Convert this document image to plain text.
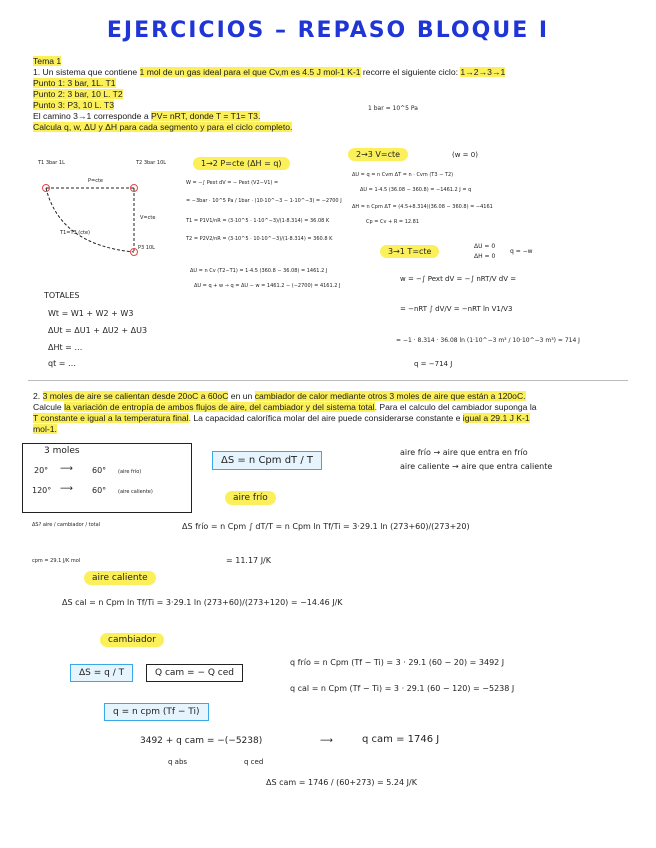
EJERCICIOS – REPASO BLOQUE I
Tema 1
1. Un sistema que contiene 1 mol de un gas ideal para el que Cv,m es 4.5 J mol-1 K-1 recorre el siguiente ciclo: 1→2→3→1
Punto 1: 3 bar, 1L. T1
Punto 2: 3 bar, 10 L. T2
Punto 3: P3, 10 L. T3
El camino 3→1 corresponde a PV= nRT, donde T = T1= T3.
Calcula q, w, ΔU y ΔH para cada segmento y para el ciclo completo.
1 bar = 10^5 Pa
T1 3bar 1L	T2 3bar 10L
P3 10L
P=cte
V=cte
T1=T3 (cte)
1→2 P=cte (ΔH = q)
W = −∫ Pext dV = − Pext (V2−V1) =
= −3bar · 10^5 Pa / 1bar · (10·10^−3 − 1·10^−3) = −2700 J
T1 = P1V1/nR = (3·10^5 · 1·10^−3)/(1·8.314) = 36.08 K
T2 = P2V2/nR = (3·10^5 · 10·10^−3)/(1·8.314) = 360.8 K
ΔU = n Cv (T2−T1) = 1·4.5 (360.8 − 36.08) = 1461.2 J
ΔU = q + w → q = ΔU − w = 1461.2 − (−2700) = 4161.2 J
2→3 V=cte	(w = 0)
ΔU = q = n Cvm ΔT = n · Cvm (T3 − T2)
ΔU = 1·4.5 (36.08 − 360.8) = −1461.2 J = q
ΔH = n Cpm ΔT = (4.5+8.314)(36.08 − 360.8) = −4161
Cp = Cv + R = 12.81
3→1 T=cte
ΔU = 0
ΔH = 0
q = −w
w = −∫ Pext dV = −∫ nRT/V dV =
= −nRT ∫ dV/V = −nRT ln V1/V3
= −1 · 8.314 · 36.08 ln (1·10^−3 m³ / 10·10^−3 m³) = 714 J
q = −714 J
TOTALES
Wt = W1 + W2 + W3
ΔUt = ΔU1 + ΔU2 + ΔU3
ΔHt = …
qt = …
2. 3 moles de aire se calientan desde 20oC a 60oC en un cambiador de calor mediante otros 3 moles de aire que están a 120oC.
Calcule la variación de entropía de ambos flujos de aire, del cambiador y del sistema total. Para el calculo del cambiador suponga la
T constante e igual a la temperatura final. La capacidad calorífica molar del aire puede considerarse constante e igual a 29.1 J K-1
mol-1.
3 moles
20° ⟶ 60° (aire frío)
120° ⟶ 60° (aire caliente)
ΔS = n Cpm dT / T
aire frío → aire que entra en frío
aire caliente → aire que entra caliente
aire frío
ΔS? aire / cambiador / total
cpm = 29.1 J/K mol
ΔS frío = n Cpm ∫ dT/T = n Cpm ln Tf/Ti = 3·29.1 ln (273+60)/(273+20)
= 11.17 J/K
aire caliente
ΔS cal = n Cpm ln Tf/Ti = 3·29.1 ln (273+60)/(273+120) = −14.46 J/K
cambiador
ΔS = q / T	Q cam = − Q ced
q = n cpm (Tf − Ti)
q frío = n Cpm (Tf − Ti) = 3 · 29.1 (60 − 20) = 3492 J
q cal = n Cpm (Tf − Ti) = 3 · 29.1 (60 − 120) = −5238 J
3492 + q cam = −(−5238)
q abs	q ced
⟶	q cam = 1746 J
ΔS cam = 1746 / (60+273) = 5.24 J/K
